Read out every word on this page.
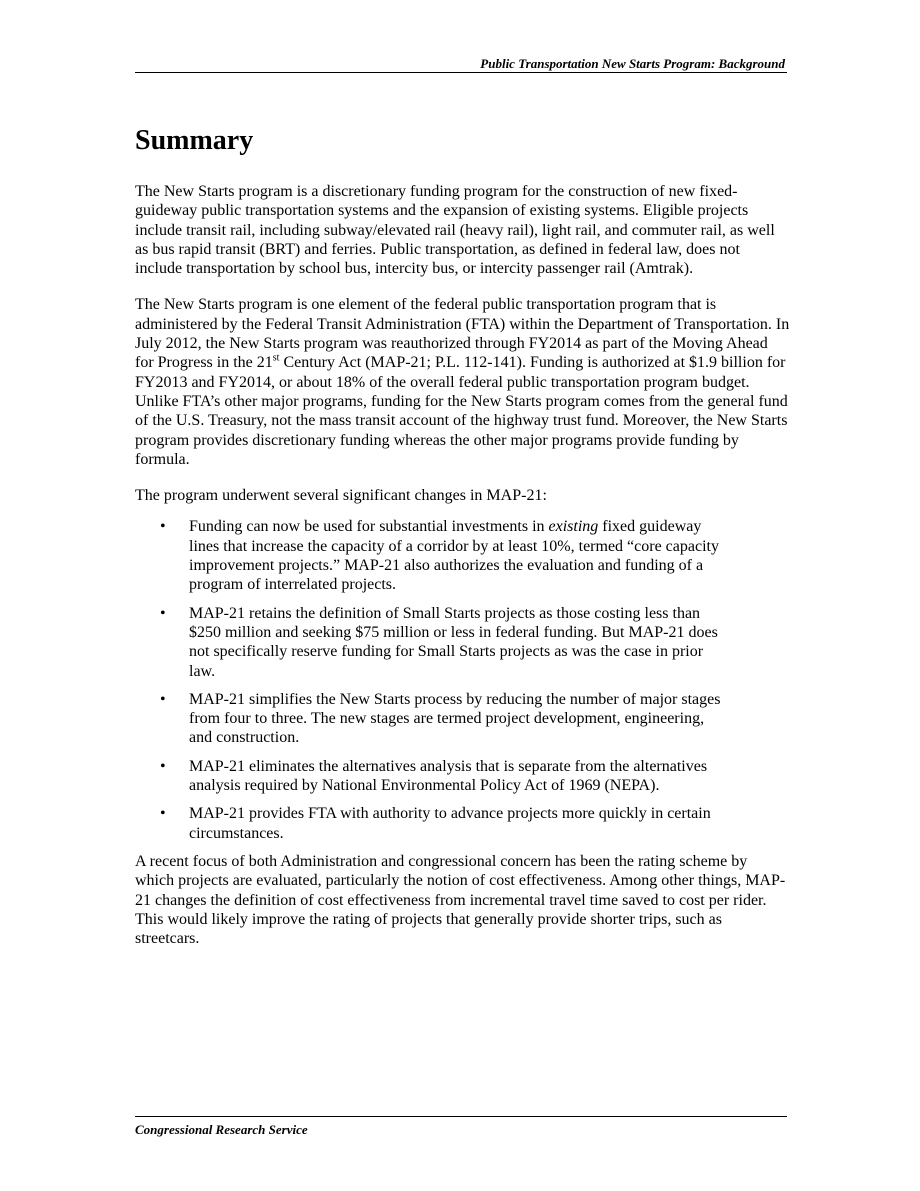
Public Transportation New Starts Program: Background
Summary

The New Starts program is a discretionary funding program for the construction of new fixed-guideway public transportation systems and the expansion of existing systems. Eligible projects include transit rail, including subway/elevated rail (heavy rail), light rail, and commuter rail, as well as bus rapid transit (BRT) and ferries. Public transportation, as defined in federal law, does not include transportation by school bus, intercity bus, or intercity passenger rail (Amtrak).

The New Starts program is one element of the federal public transportation program that is administered by the Federal Transit Administration (FTA) within the Department of Transportation. In July 2012, the New Starts program was reauthorized through FY2014 as part of the Moving Ahead for Progress in the 21st Century Act (MAP-21; P.L. 112-141). Funding is authorized at $1.9 billion for FY2013 and FY2014, or about 18% of the overall federal public transportation program budget. Unlike FTA’s other major programs, funding for the New Starts program comes from the general fund of the U.S. Treasury, not the mass transit account of the highway trust fund. Moreover, the New Starts program provides discretionary funding whereas the other major programs provide funding by formula.

The program underwent several significant changes in MAP-21:

• Funding can now be used for substantial investments in existing fixed guideway lines that increase the capacity of a corridor by at least 10%, termed “core capacity improvement projects.” MAP-21 also authorizes the evaluation and funding of a program of interrelated projects.
• MAP-21 retains the definition of Small Starts projects as those costing less than $250 million and seeking $75 million or less in federal funding. But MAP-21 does not specifically reserve funding for Small Starts projects as was the case in prior law.
• MAP-21 simplifies the New Starts process by reducing the number of major stages from four to three. The new stages are termed project development, engineering, and construction.
• MAP-21 eliminates the alternatives analysis that is separate from the alternatives analysis required by National Environmental Policy Act of 1969 (NEPA).
• MAP-21 provides FTA with authority to advance projects more quickly in certain circumstances.

A recent focus of both Administration and congressional concern has been the rating scheme by which projects are evaluated, particularly the notion of cost effectiveness. Among other things, MAP-21 changes the definition of cost effectiveness from incremental travel time saved to cost per rider. This would likely improve the rating of projects that generally provide shorter trips, such as streetcars.

Congressional Research Service
